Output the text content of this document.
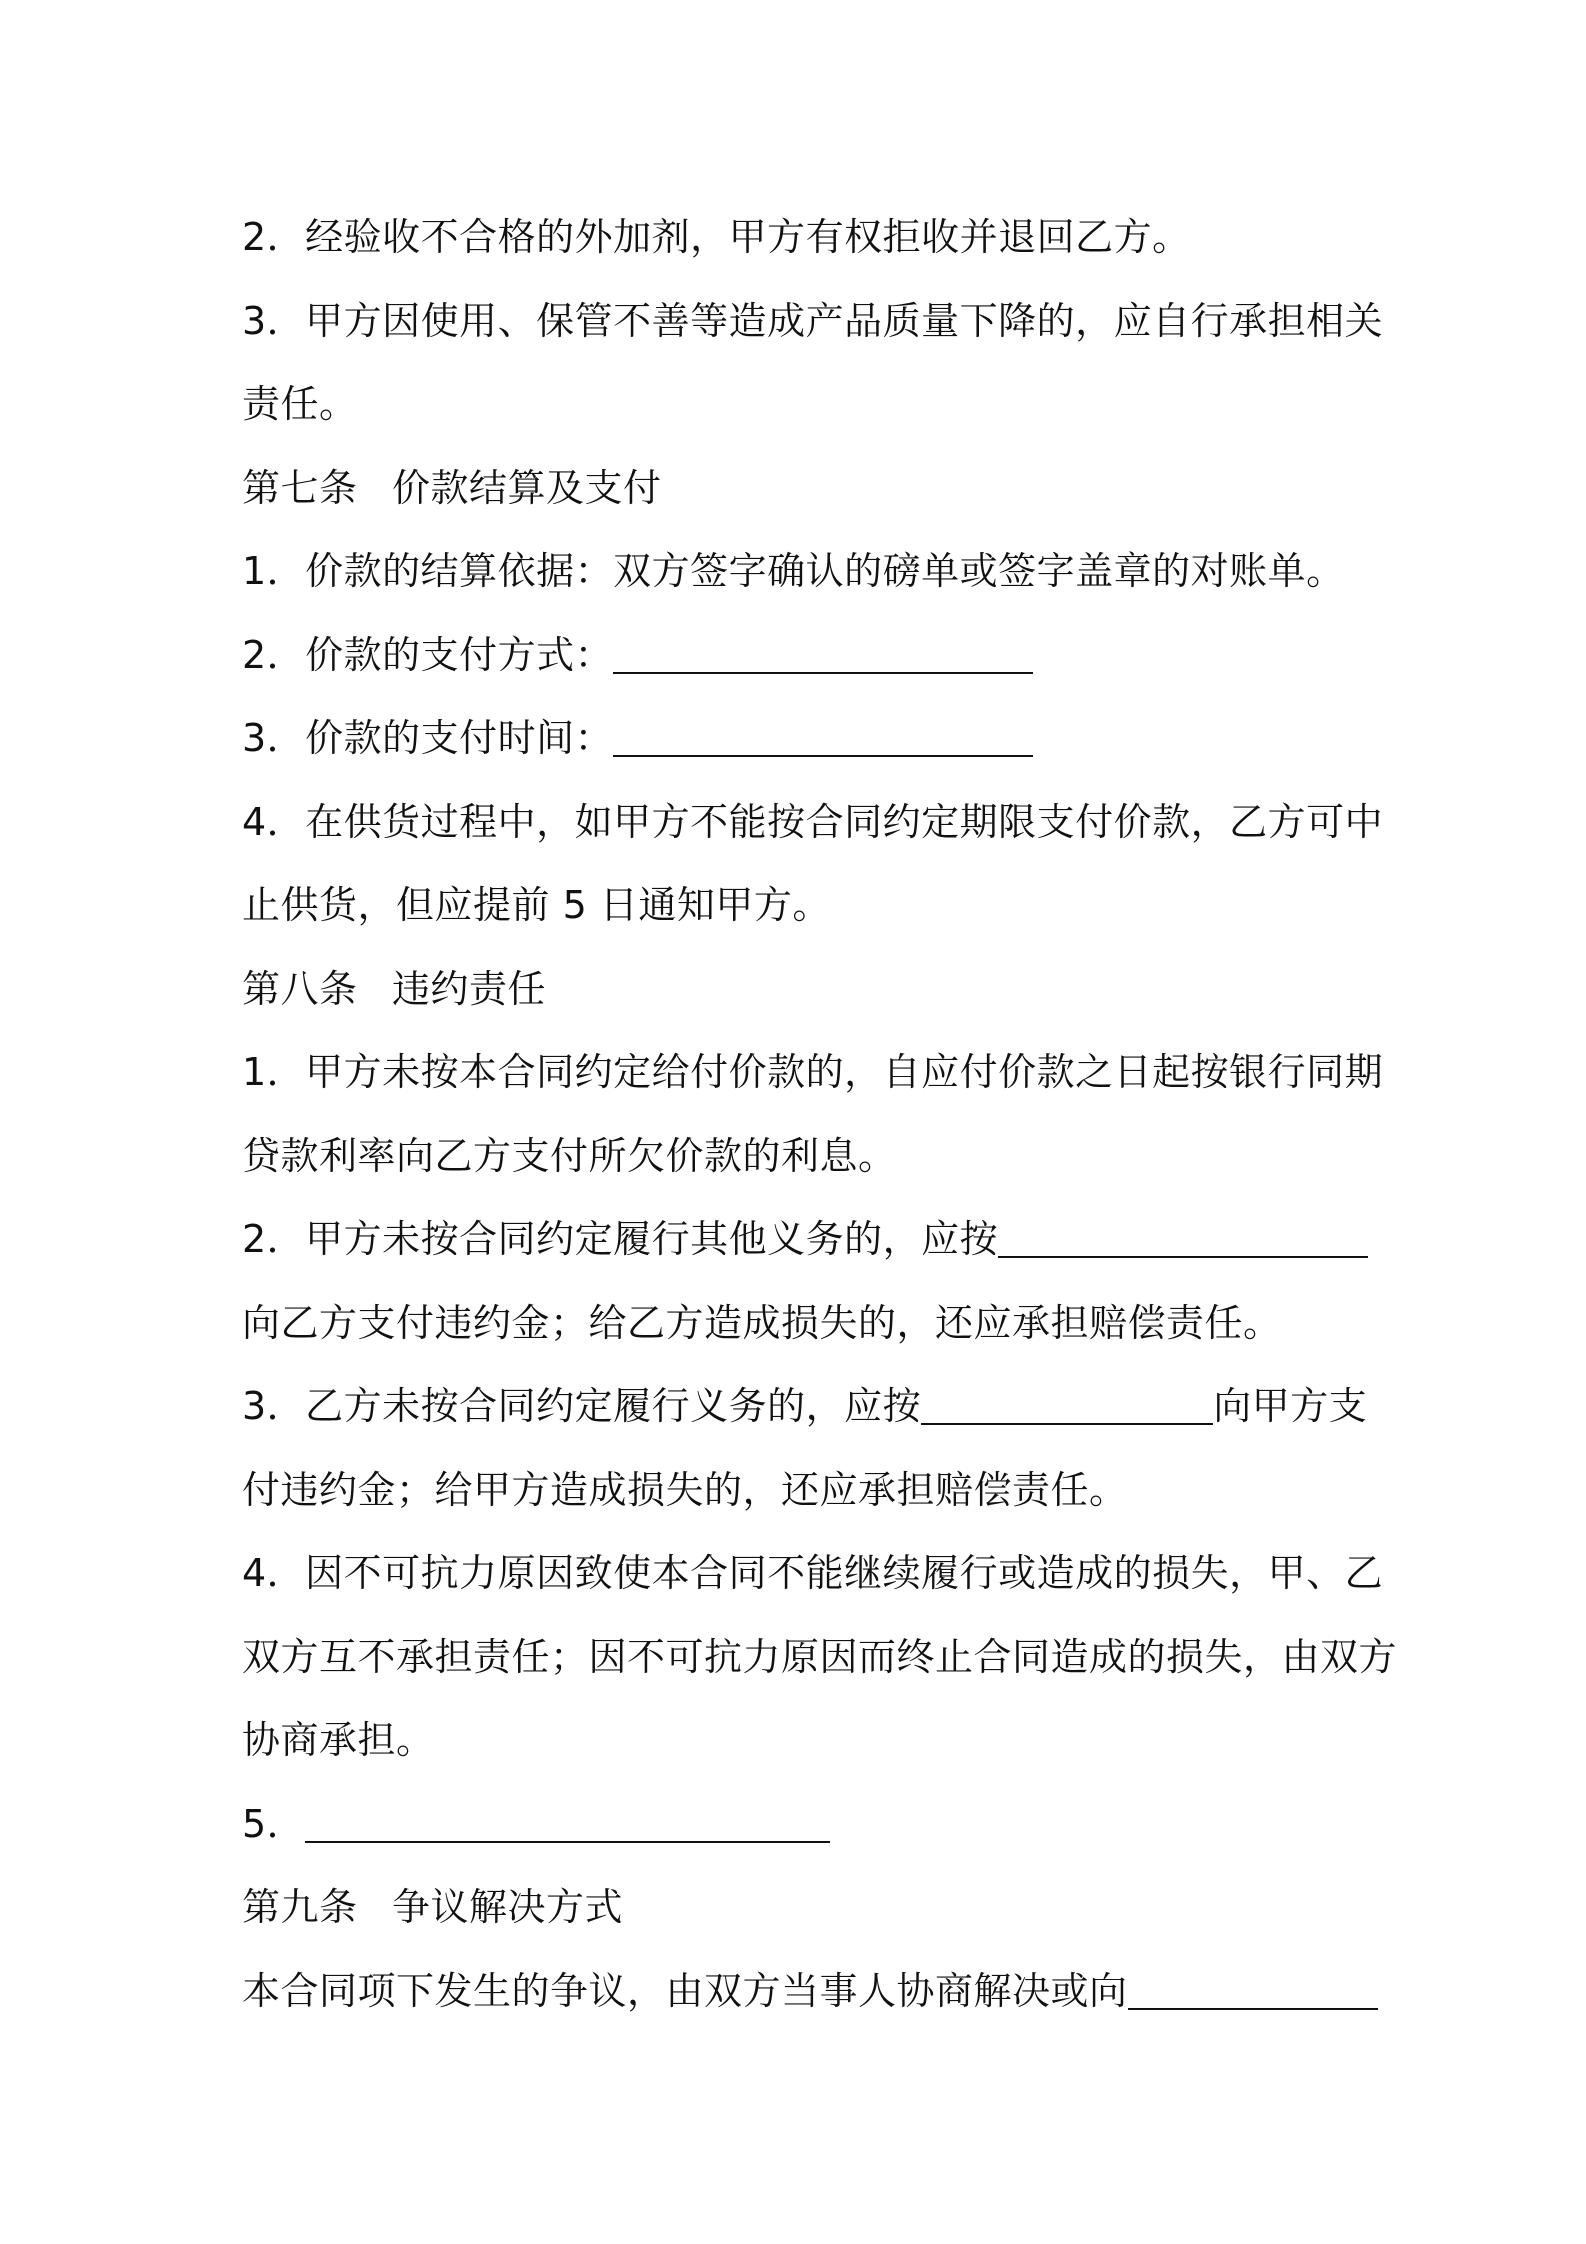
2．经验收不合格的外加剂，甲方有权拒收并退回乙方。
3．甲方因使用、保管不善等造成产品质量下降的，应自行承担相关
责任。
第七条 价款结算及支付
1．价款的结算依据：双方签字确认的磅单或签字盖章的对账单。
2．价款的支付方式：
3．价款的支付时间：
4．在供货过程中，如甲方不能按合同约定期限支付价款，乙方可中
止供货，但应提前 5 日通知甲方。
第八条 违约责任
1．甲方未按本合同约定给付价款的，自应付价款之日起按银行同期
贷款利率向乙方支付所欠价款的利息。
2．甲方未按合同约定履行其他义务的，应按
向乙方支付违约金；给乙方造成损失的，还应承担赔偿责任。
3．乙方未按合同约定履行义务的，应按	向甲方支
付违约金；给甲方造成损失的，还应承担赔偿责任。
4．因不可抗力原因致使本合同不能继续履行或造成的损失，甲、乙
双方互不承担责任；因不可抗力原因而终止合同造成的损失，由双方
协商承担。
5．
第九条 争议解决方式
本合同项下发生的争议，由双方当事人协商解决或向
